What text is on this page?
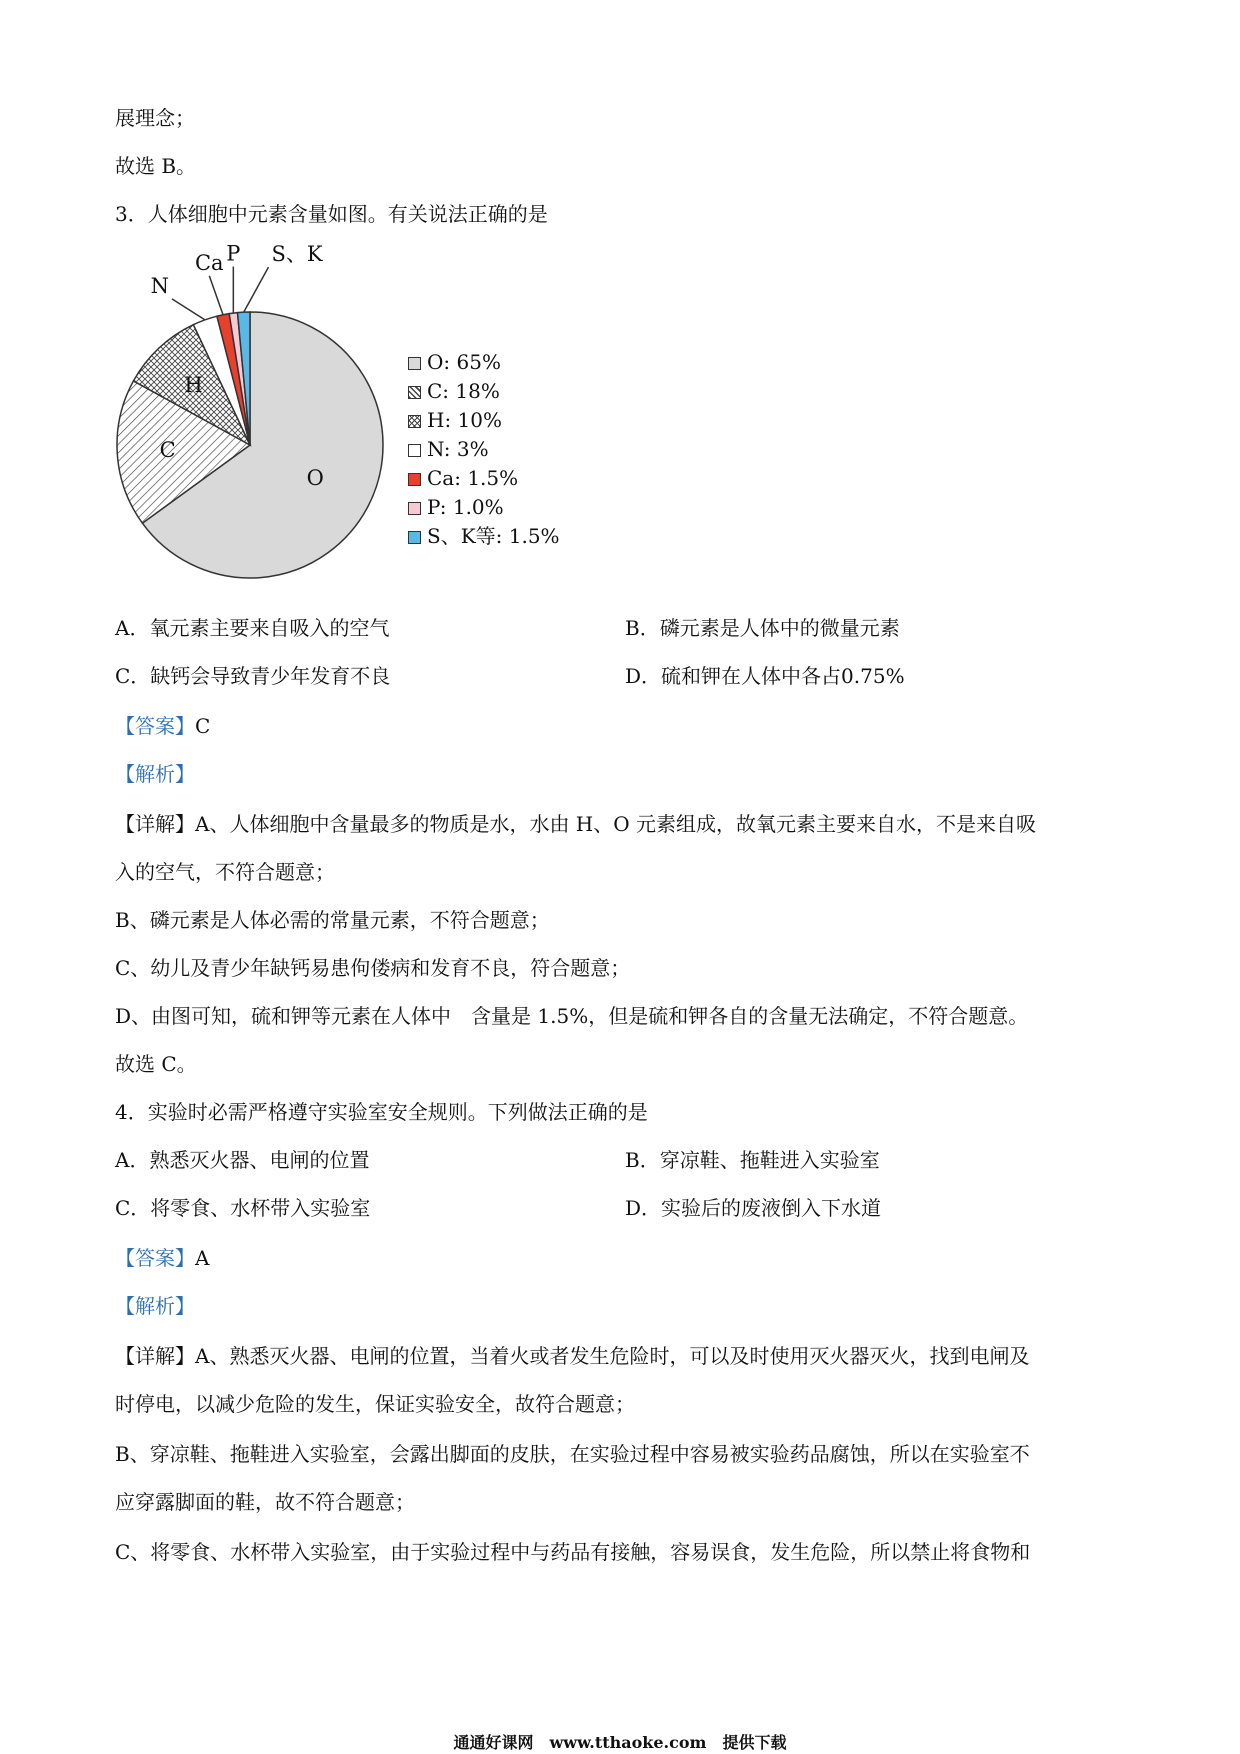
展理念；
故选 B。
3．人体细胞中元素含量如图。有关说法正确的是
O
C
H
N
Ca P S、K
O: 65%
C: 18%
H: 10%
N: 3%
Ca: 1.5%
P: 1.0%
S、K等: 1.5%
A．氧元素主要来自吸入的空气	B．磷元素是人体中的微量元素
C．缺钙会导致青少年发育不良	D．硫和钾在人体中各占0.75%
【答案】C
【解析】
【详解】A、人体细胞中含量最多的物质是水，水由 H、O 元素组成，故氧元素主要来自水，不是来自吸
入的空气，不符合题意；
B、磷元素是人体必需的常量元素，不符合题意；
C、幼儿及青少年缺钙易患佝偻病和发育不良，符合题意；
D、由图可知，硫和钾等元素在人体中　含量是 1.5%，但是硫和钾各自的含量无法确定，不符合题意。
故选 C。
4．实验时必需严格遵守实验室安全规则。下列做法正确的是
A．熟悉灭火器、电闸的位置	B．穿凉鞋、拖鞋进入实验室
C．将零食、水杯带入实验室	D．实验后的废液倒入下水道
【答案】A
【解析】
【详解】A、熟悉灭火器、电闸的位置，当着火或者发生危险时，可以及时使用灭火器灭火，找到电闸及
时停电，以减少危险的发生，保证实验安全，故符合题意；
B、穿凉鞋、拖鞋进入实验室，会露出脚面的皮肤，在实验过程中容易被实验药品腐蚀，所以在实验室不
应穿露脚面的鞋，故不符合题意；
C、将零食、水杯带入实验室，由于实验过程中与药品有接触，容易误食，发生危险，所以禁止将食物和
通通好课网　www.tthaoke.com　提供下载
